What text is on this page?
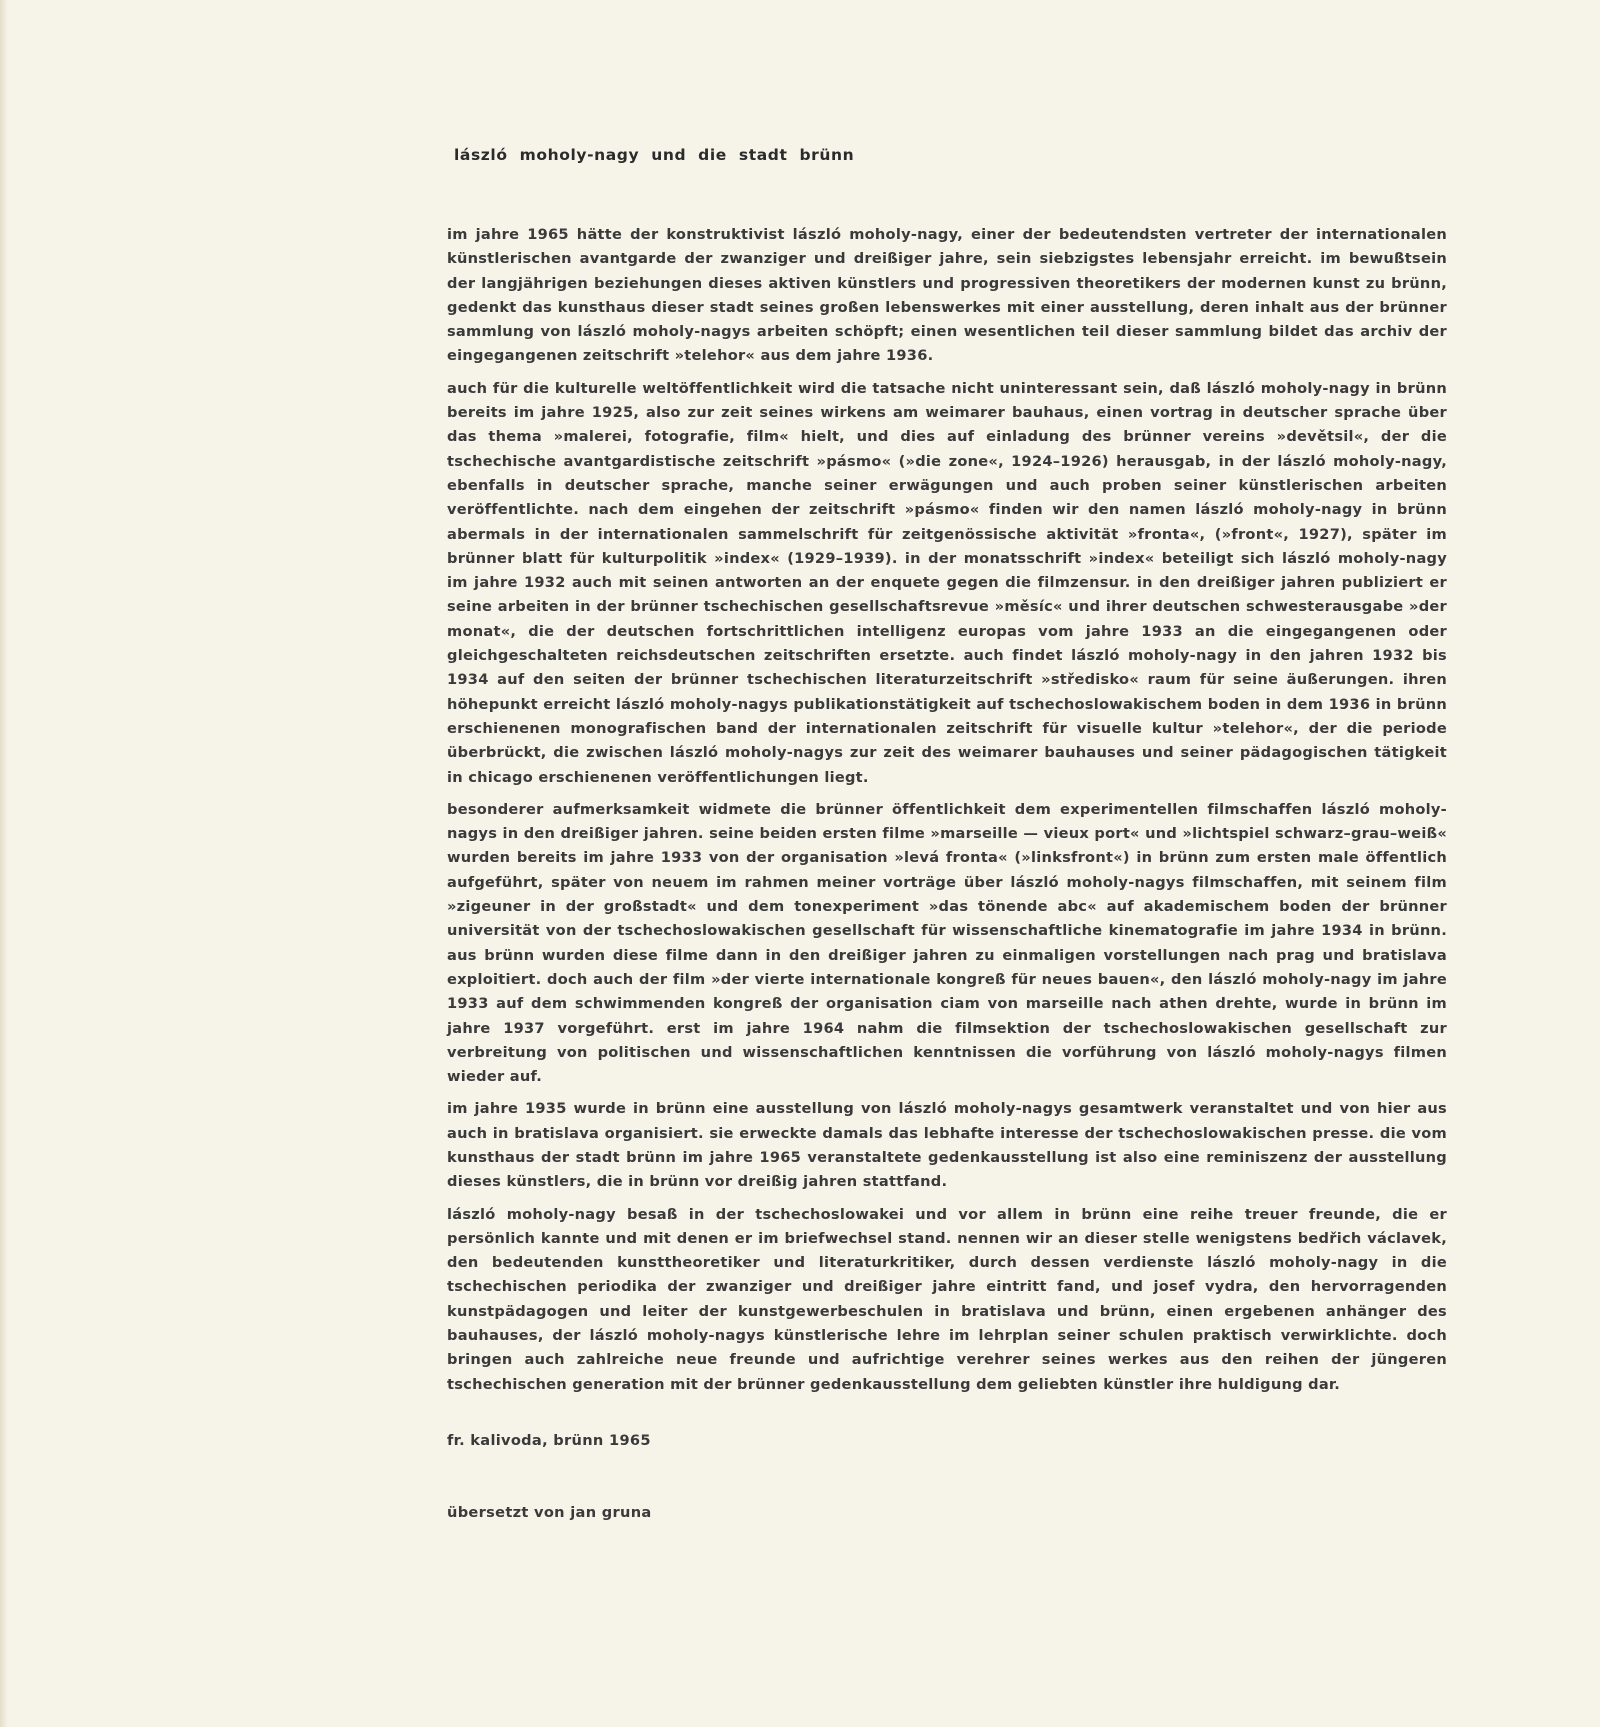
lászló moholy-nagy und die stadt brünn

im jahre 1965 hätte der konstruktivist lászló moholy-nagy, einer der bedeutendsten vertreter der internationalen künstlerischen avantgarde der zwanziger und dreißiger jahre, sein siebzigstes lebensjahr erreicht. im bewußtsein der langjährigen beziehungen dieses aktiven künstlers und progressiven theoretikers der modernen kunst zu brünn, gedenkt das kunsthaus dieser stadt seines großen lebenswerkes mit einer ausstellung, deren inhalt aus der brünner sammlung von lászló moholy-nagys arbeiten schöpft; einen wesentlichen teil dieser sammlung bildet das archiv der eingegangenen zeitschrift »telehor« aus dem jahre 1936.

auch für die kulturelle weltöffentlichkeit wird die tatsache nicht uninteressant sein, daß lászló moholy-nagy in brünn bereits im jahre 1925, also zur zeit seines wirkens am weimarer bauhaus, einen vortrag in deutscher sprache über das thema »malerei, fotografie, film« hielt, und dies auf einladung des brünner vereins »devětsil«, der die tschechische avantgardistische zeitschrift »pásmo« (»die zone«, 1924–1926) herausgab, in der lászló moholy-nagy, ebenfalls in deutscher sprache, manche seiner erwägungen und auch proben seiner künstlerischen arbeiten veröffentlichte. nach dem eingehen der zeitschrift »pásmo« finden wir den namen lászló moholy-nagy in brünn abermals in der internationalen sammelschrift für zeitgenössische aktivität »fronta«, (»front«, 1927), später im brünner blatt für kulturpolitik »index« (1929–1939). in der monatsschrift »index« beteiligt sich lászló moholy-nagy im jahre 1932 auch mit seinen antworten an der enquete gegen die filmzensur. in den dreißiger jahren publiziert er seine arbeiten in der brünner tschechischen gesellschaftsrevue »měsíc« und ihrer deutschen schwesterausgabe »der monat«, die der deutschen fortschrittlichen intelligenz europas vom jahre 1933 an die eingegangenen oder gleichgeschalteten reichsdeutschen zeitschriften ersetzte. auch findet lászló moholy-nagy in den jahren 1932 bis 1934 auf den seiten der brünner tschechischen literaturzeitschrift »středisko« raum für seine äußerungen. ihren höhepunkt erreicht lászló moholy-nagys publikationstätigkeit auf tschechoslowakischem boden in dem 1936 in brünn erschienenen monografischen band der internationalen zeitschrift für visuelle kultur »telehor«, der die periode überbrückt, die zwischen lászló moholy-nagys zur zeit des weimarer bauhauses und seiner pädagogischen tätigkeit in chicago erschienenen veröffentlichungen liegt.

besonderer aufmerksamkeit widmete die brünner öffentlichkeit dem experimentellen filmschaffen lászló moholy-nagys in den dreißiger jahren. seine beiden ersten filme »marseille — vieux port« und »lichtspiel schwarz–grau–weiß« wurden bereits im jahre 1933 von der organisation »levá fronta« (»linksfront«) in brünn zum ersten male öffentlich aufgeführt, später von neuem im rahmen meiner vorträge über lászló moholy-nagys filmschaffen, mit seinem film »zigeuner in der großstadt« und dem tonexperiment »das tönende abc« auf akademischem boden der brünner universität von der tschechoslowakischen gesellschaft für wissenschaftliche kinematografie im jahre 1934 in brünn. aus brünn wurden diese filme dann in den dreißiger jahren zu einmaligen vorstellungen nach prag und bratislava exploitiert. doch auch der film »der vierte internationale kongreß für neues bauen«, den lászló moholy-nagy im jahre 1933 auf dem schwimmenden kongreß der organisation ciam von marseille nach athen drehte, wurde in brünn im jahre 1937 vorgeführt. erst im jahre 1964 nahm die filmsektion der tschechoslowakischen gesellschaft zur verbreitung von politischen und wissenschaftlichen kenntnissen die vorführung von lászló moholy-nagys filmen wieder auf.

im jahre 1935 wurde in brünn eine ausstellung von lászló moholy-nagys gesamtwerk veranstaltet und von hier aus auch in bratislava organisiert. sie erweckte damals das lebhafte interesse der tschechoslowakischen presse. die vom kunsthaus der stadt brünn im jahre 1965 veranstaltete gedenkausstellung ist also eine reminiszenz der ausstellung dieses künstlers, die in brünn vor dreißig jahren stattfand.

lászló moholy-nagy besaß in der tschechoslowakei und vor allem in brünn eine reihe treuer freunde, die er persönlich kannte und mit denen er im briefwechsel stand. nennen wir an dieser stelle wenigstens bedřich václavek, den bedeutenden kunsttheoretiker und literaturkritiker, durch dessen verdienste lászló moholy-nagy in die tschechischen periodika der zwanziger und dreißiger jahre eintritt fand, und josef vydra, den hervorragenden kunstpädagogen und leiter der kunstgewerbeschulen in bratislava und brünn, einen ergebenen anhänger des bauhauses, der lászló moholy-nagys künstlerische lehre im lehrplan seiner schulen praktisch verwirklichte. doch bringen auch zahlreiche neue freunde und aufrichtige verehrer seines werkes aus den reihen der jüngeren tschechischen generation mit der brünner gedenkausstellung dem geliebten künstler ihre huldigung dar.

fr. kalivoda, brünn 1965
übersetzt von jan gruna
